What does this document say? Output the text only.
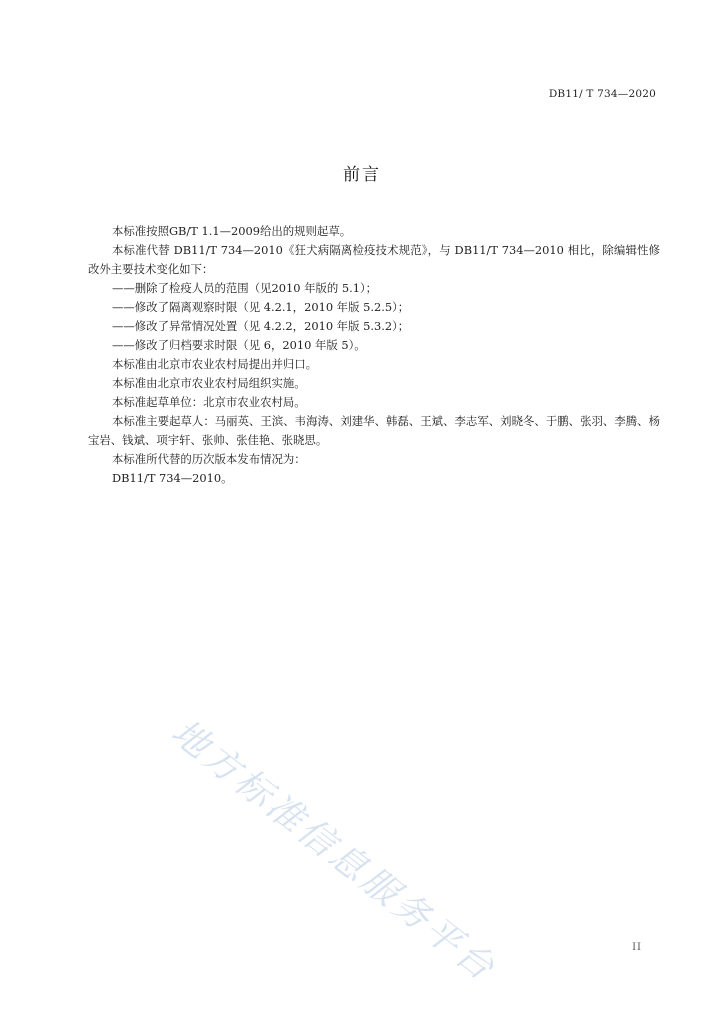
DB11/ T 734—2020
前言

本标准按照GB/T 1.1—2009给出的规则起草。

本标准代替 DB11/T 734—2010《狂犬病隔离检疫技术规范》，与 DB11/T 734—2010 相比，除编辑性修改外主要技术变化如下：

——删除了检疫人员的范围（见2010 年版的 5.1）；

——修改了隔离观察时限（见 4.2.1，2010 年版 5.2.5）；

——修改了异常情况处置（见 4.2.2，2010 年版 5.3.2）；

——修改了归档要求时限（见 6，2010 年版 5）。

本标准由北京市农业农村局提出并归口。

本标准由北京市农业农村局组织实施。

本标准起草单位：北京市农业农村局。

本标准主要起草人：马丽英、王滨、韦海涛、刘建华、韩磊、王斌、李志军、刘晓冬、于鹏、张羽、李腾、杨宝岩、钱斌、项宇轩、张帅、张佳艳、张晓思。

本标准所代替的历次版本发布情况为：

DB11/T 734—2010。

地方标准信息服务平台	II
